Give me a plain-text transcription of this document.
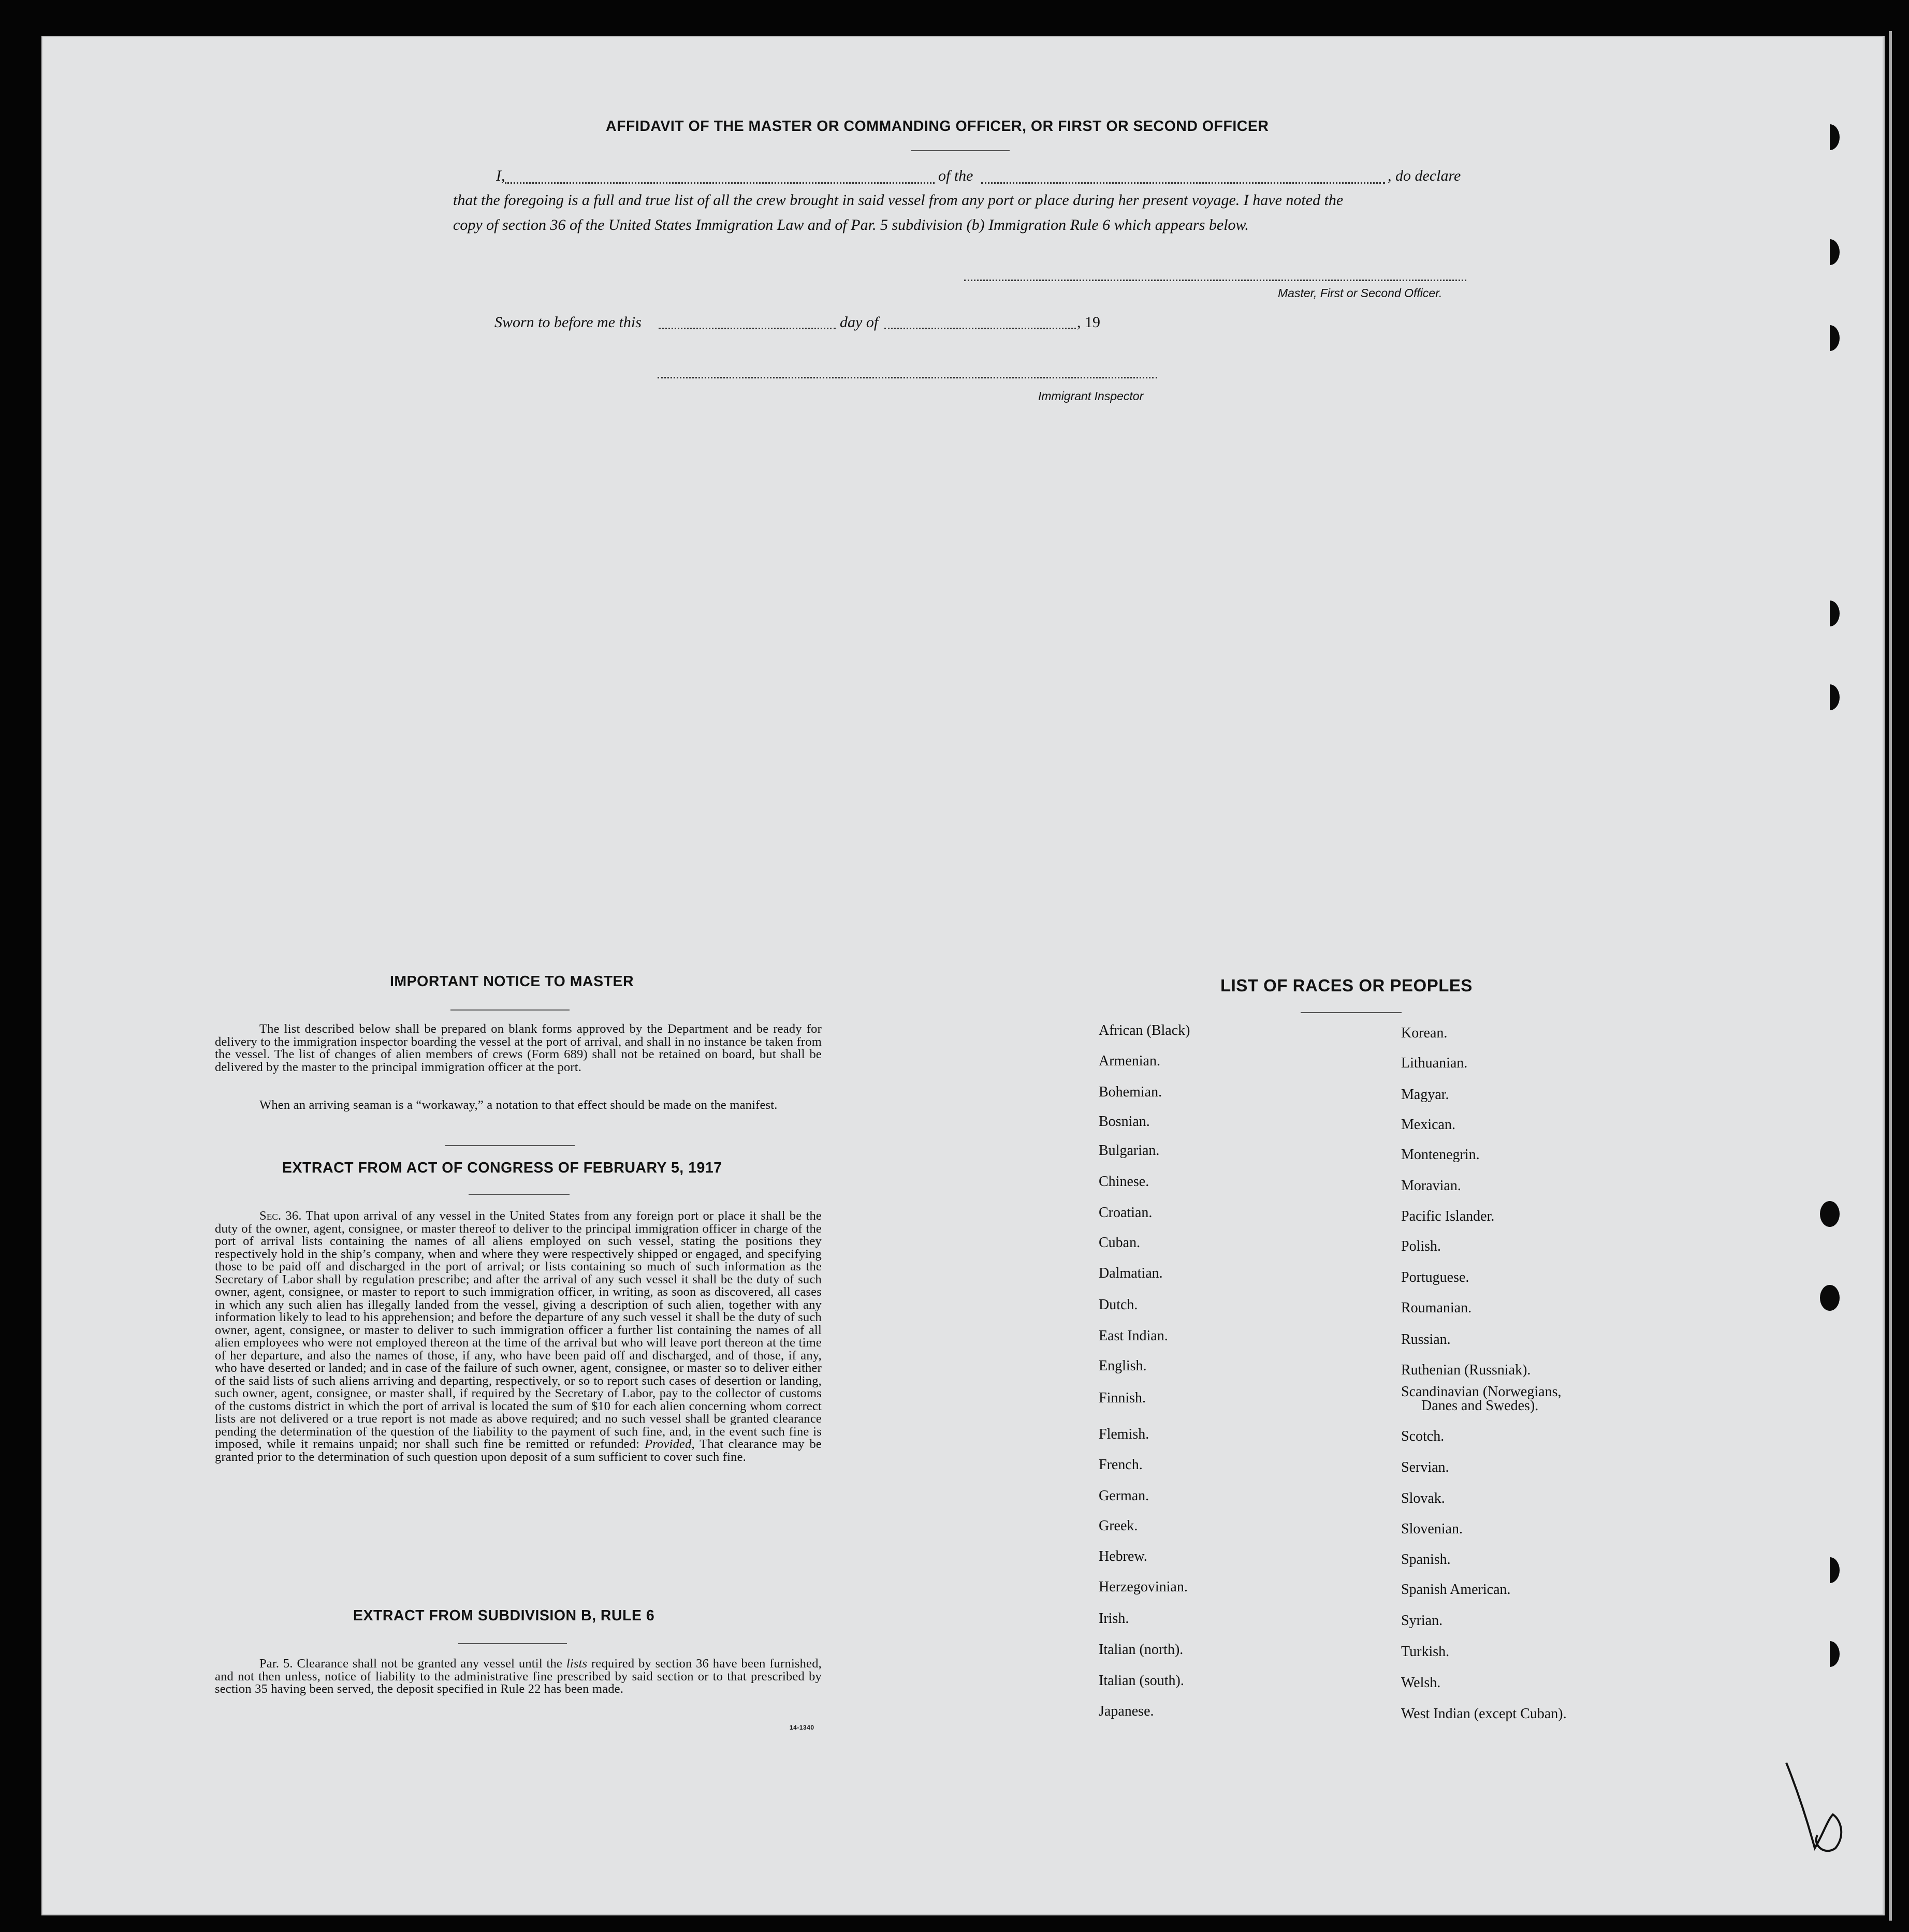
AFFIDAVIT OF THE MASTER OR COMMANDING OFFICER, OR FIRST OR SECOND OFFICER
I,	of the	, do declare
that the foregoing is a full and true list of all the crew brought in said vessel from any port or place during her present voyage. I have noted the
copy of section 36 of the United States Immigration Law and of Par. 5 subdivision (b) Immigration Rule 6 which appears below.
Master, First or Second Officer.
Sworn to before me this	day of	, 19
Immigrant Inspector
IMPORTANT NOTICE TO MASTER
The list described below shall be prepared on blank forms approved by the Department and be ready for delivery to the immigration inspector boarding the vessel at the port of arrival, and shall in no instance be taken from the vessel. The list of changes of alien members of crews (Form 689) shall not be retained on board, but shall be delivered by the master to the principal immigration officer at the port.
When an arriving seaman is a “workaway,” a notation to that effect should be made on the manifest.
EXTRACT FROM ACT OF CONGRESS OF FEBRUARY 5, 1917
Sec. 36. That upon arrival of any vessel in the United States from any foreign port or place it shall be the duty of the owner, agent, consignee, or master thereof to deliver to the principal immigration officer in charge of the port of arrival lists containing the names of all aliens employed on such vessel, stating the positions they respectively hold in the ship’s company, when and where they were respectively shipped or engaged, and specifying those to be paid off and discharged in the port of arrival; or lists containing so much of such information as the Secretary of Labor shall by regulation prescribe; and after the arrival of any such vessel it shall be the duty of such owner, agent, consignee, or master to report to such immigration officer, in writing, as soon as discovered, all cases in which any such alien has illegally landed from the vessel, giving a description of such alien, together with any information likely to lead to his apprehension; and before the departure of any such vessel it shall be the duty of such owner, agent, consignee, or master to deliver to such immigration officer a further list containing the names of all alien employees who were not employed thereon at the time of the arrival but who will leave port thereon at the time of her departure, and also the names of those, if any, who have been paid off and discharged, and of those, if any, who have deserted or landed; and in case of the failure of such owner, agent, consignee, or master so to deliver either of the said lists of such aliens arriving and departing, respectively, or so to report such cases of desertion or landing, such owner, agent, consignee, or master shall, if required by the Secretary of Labor, pay to the collector of customs of the customs district in which the port of arrival is located the sum of $10 for each alien concerning whom correct lists are not delivered or a true report is not made as above required; and no such vessel shall be granted clearance pending the determination of the question of the liability to the payment of such fine, and, in the event such fine is imposed, while it remains unpaid; nor shall such fine be remitted or refunded: Provided, That clearance may be granted prior to the determination of such question upon deposit of a sum sufficient to cover such fine.
EXTRACT FROM SUBDIVISION B, RULE 6
Par. 5. Clearance shall not be granted any vessel until the lists required by section 36 have been furnished, and not then unless, notice of liability to the administrative fine prescribed by said section or to that prescribed by section 35 having been served, the deposit specified in Rule 22 has been made.
14-1340
LIST OF RACES OR PEOPLES
African (Black)
Armenian.
Bohemian.
Bosnian.
Bulgarian.
Chinese.
Croatian.
Cuban.
Dalmatian.
Dutch.
East Indian.
English.
Finnish.
Flemish.
French.
German.
Greek.
Hebrew.
Herzegovinian.
Irish.
Italian (north).
Italian (south).
Japanese.
Korean.
Lithuanian.
Magyar.
Mexican.
Montenegrin.
Moravian.
Pacific Islander.
Polish.
Portuguese.
Roumanian.
Russian.
Ruthenian (Russniak).
Scandinavian (Norwegians,
Danes and Swedes).
Scotch.
Servian.
Slovak.
Slovenian.
Spanish.
Spanish American.
Syrian.
Turkish.
Welsh.
West Indian (except Cuban).
